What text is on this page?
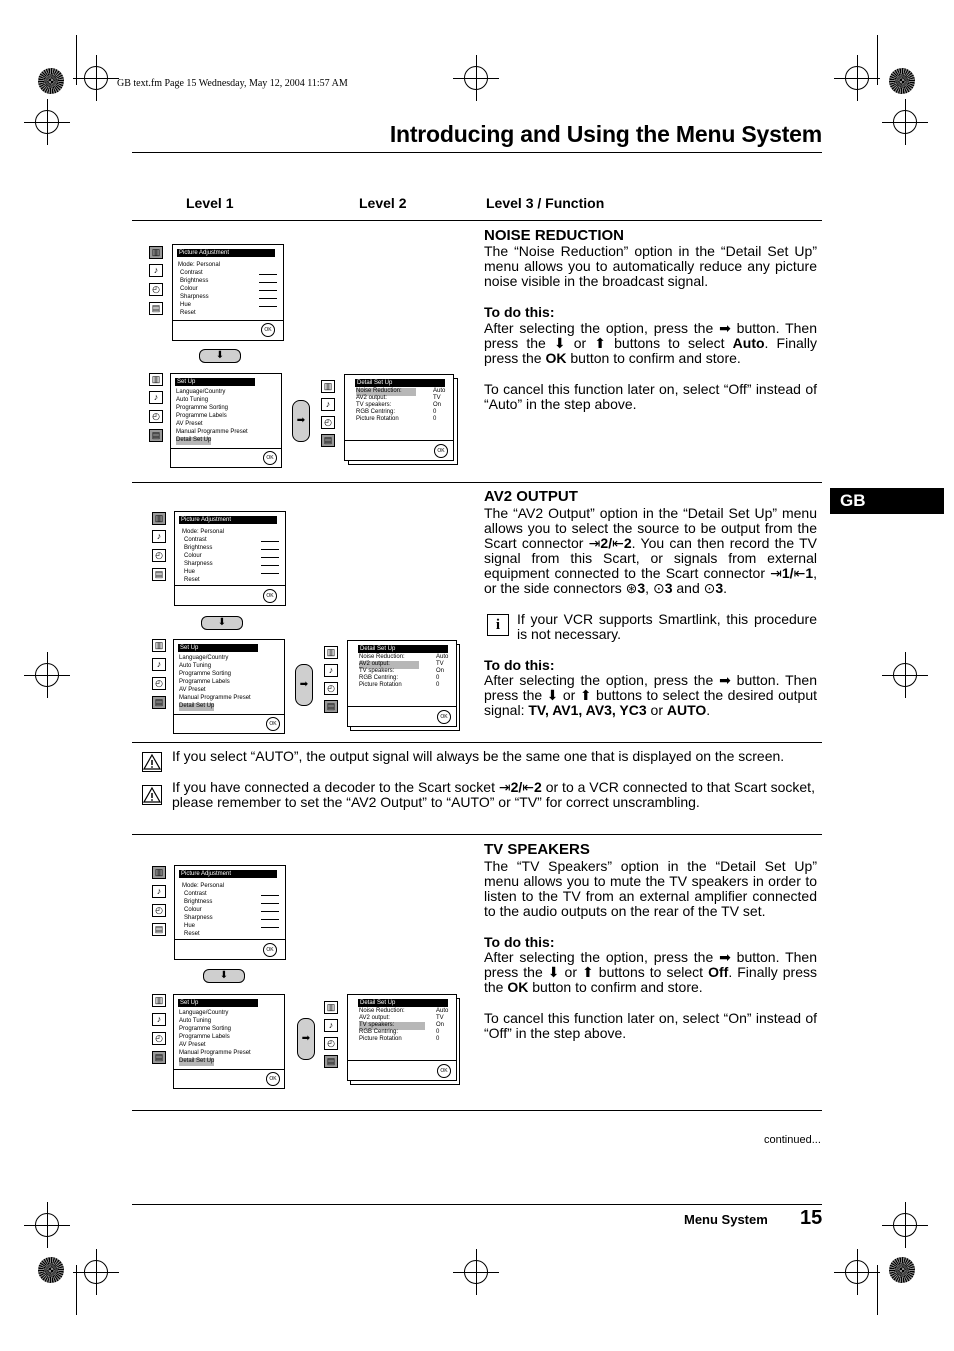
GB text.fm Page 15 Wednesday, May 12, 2004 11:57 AM
Introducing and Using the Menu System
Level 1	Level 2	Level 3 / Function
GB
▥
♪
◴
▤
Picture Adjustment
Mode: Personal
Contrast
Brightness
Colour
Sharpness
Hue
Reset
OK
⬇
▥
♪
◴
▤
Set Up
Language/Country
Auto Tuning
Programme Sorting
Programme Labels
AV Preset
Manual Programme Preset
Detail Set Up
OK
➡
▥
♪
◴
▤
Detail Set Up
Noise Reduction:
AV2 output:
TV speakers:
RGB Centring:
Picture Rotation
Auto
TV
On
0
0
OK
NOISE REDUCTION
The “Noise Reduction” option in the “Detail Set Up” menu allows you to automatically reduce any picture noise visible in the broadcast signal.
To do this:
After selecting the option, press the ➡ button. Then press the ⬇ or ⬆ buttons to select Auto. Finally press the OK button to confirm and store.
To cancel this function later on, select “Off” instead of “Auto” in the step above.
▥
♪
◴
▤
Picture Adjustment
Mode: Personal
Contrast
Brightness
Colour
Sharpness
Hue
Reset
OK
⬇
▥
♪
◴
▤
Set Up
Language/Country
Auto Tuning
Programme Sorting
Programme Labels
AV Preset
Manual Programme Preset
Detail Set Up
OK
➡
▥
♪
◴
▤
Detail Set Up
Noise Reduction:
AV2 output:
TV speakers:
RGB Centring:
Picture Rotation
Auto
TV
On
0
0
OK
AV2 OUTPUT
The “AV2 Output” option in the “Detail Set Up” menu allows you to select the source to be output from the Scart connector ⇥2/⇤2. You can then record the TV signal from this Scart, or signals from external equipment connected to the Scart connector ⇥1/⇤1, or the side connectors ⊛3, ⊙3 and ⊙3.
i	If your VCR supports Smartlink, this procedure is not necessary.
To do this:
After selecting the option, press the ➡ button. Then press the ⬇ or ⬆ buttons to select the desired output signal: TV, AV1, AV3, YC3 or AUTO.
If you select “AUTO”, the output signal will always be the same one that is displayed on the screen.
If you have connected a decoder to the Scart socket ⇥2/⇤2 or to a VCR connected to that Scart socket, please remember to set the “AV2 Output” to “AUTO” or “TV” for correct unscrambling.
▥
♪
◴
▤
Picture Adjustment
Mode: Personal
Contrast
Brightness
Colour
Sharpness
Hue
Reset
OK
⬇
▥
♪
◴
▤
Set Up
Language/Country
Auto Tuning
Programme Sorting
Programme Labels
AV Preset
Manual Programme Preset
Detail Set Up
OK
➡
▥
♪
◴
▤
Detail Set Up
Noise Reduction:
AV2 output:
TV speakers:
RGB Centring:
Picture Rotation
Auto
TV
On
0
0
OK
TV SPEAKERS
The “TV Speakers” option in the “Detail Set Up” menu allows you to mute the TV speakers in order to listen to the TV from an external amplifier connected to the audio outputs on the rear of the TV set.
To do this:
After selecting the option, press the ➡ button. Then press the ⬇ or ⬆ buttons to select Off. Finally press the OK button to confirm and store.
To cancel this function later on, select “On” instead of “Off” in the step above.
continued...
Menu System 15
